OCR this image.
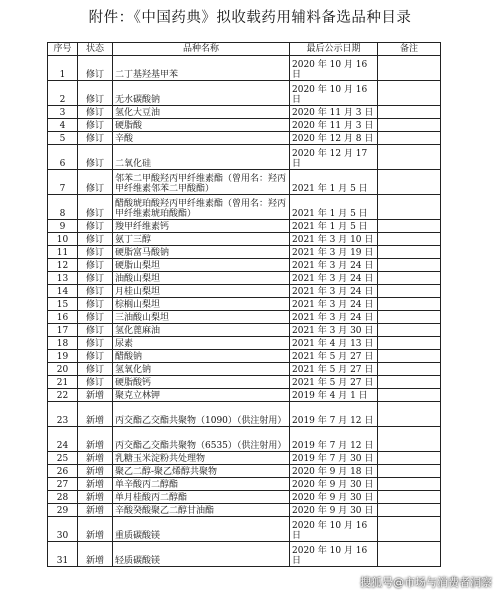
附件：《中国药典》拟收载药用辅料备选品种目录
序号	状态	品种名称	最后公示日期	备注
1	修订	二丁基羟基甲苯	2020 年 10 月 16 日	
2	修订	无水碳酸钠	2020 年 10 月 16 日	
3	修订	氢化大豆油	2020 年 11 月 3 日	
4	修订	硬脂酸	2020 年 11 月 3 日	
5	修订	辛酸	2020 年 12 月 8 日	
6	修订	二氧化硅	2020 年 12 月 17 日	
7	修订	邻苯二甲酸羟丙甲纤维素酯（曾用名：羟丙甲纤维素邻苯二甲酸酯）	2021 年 1 月 5 日	
8	修订	醋酸琥珀酸羟丙甲纤维素酯（曾用名：羟丙甲纤维素琥珀酸酯）	2021 年 1 月 5 日	
9	修订	羧甲纤维素钙	2021 年 1 月 5 日	
10	修订	氨丁三醇	2021 年 3 月 10 日	
11	修订	硬脂富马酸钠	2021 年 3 月 19 日	
12	修订	硬脂山梨坦	2021 年 3 月 24 日	
13	修订	油酸山梨坦	2021 年 3 月 24 日	
14	修订	月桂山梨坦	2021 年 3 月 24 日	
15	修订	棕榈山梨坦	2021 年 3 月 24 日	
16	修订	三油酸山梨坦	2021 年 3 月 24 日	
17	修订	氢化蓖麻油	2021 年 3 月 30 日	
18	修订	尿素	2021 年 4 月 13 日	
19	修订	醋酸钠	2021 年 5 月 27 日	
20	修订	氢氧化钠	2021 年 5 月 27 日	
21	修订	硬脂酸钙	2021 年 5 月 27 日	
22	新增	聚克立林钾	2019 年 4 月 1 日	
23	新增	丙交酯乙交酯共聚物（1090）（供注射用）	2019 年 7 月 12 日	
24	新增	丙交酯乙交酯共聚物（6535）（供注射用）	2019 年 7 月 12 日	
25	新增	乳糖玉米淀粉共处理物	2019 年 7 月 30 日	
26	新增	聚乙二醇-聚乙烯醇共聚物	2020 年 9 月 18 日	
27	新增	单辛酸丙二醇酯	2020 年 9 月 30 日	
28	新增	单月桂酸丙二醇酯	2020 年 9 月 30 日	
29	新增	辛酸癸酸聚乙二醇甘油酯	2020 年 9 月 30 日	
30	新增	重质碳酸镁	2020 年 10 月 16 日	
31	新增	轻质碳酸镁	2020 年 10 月 16 日	
搜狐号@市场与消费者洞察
